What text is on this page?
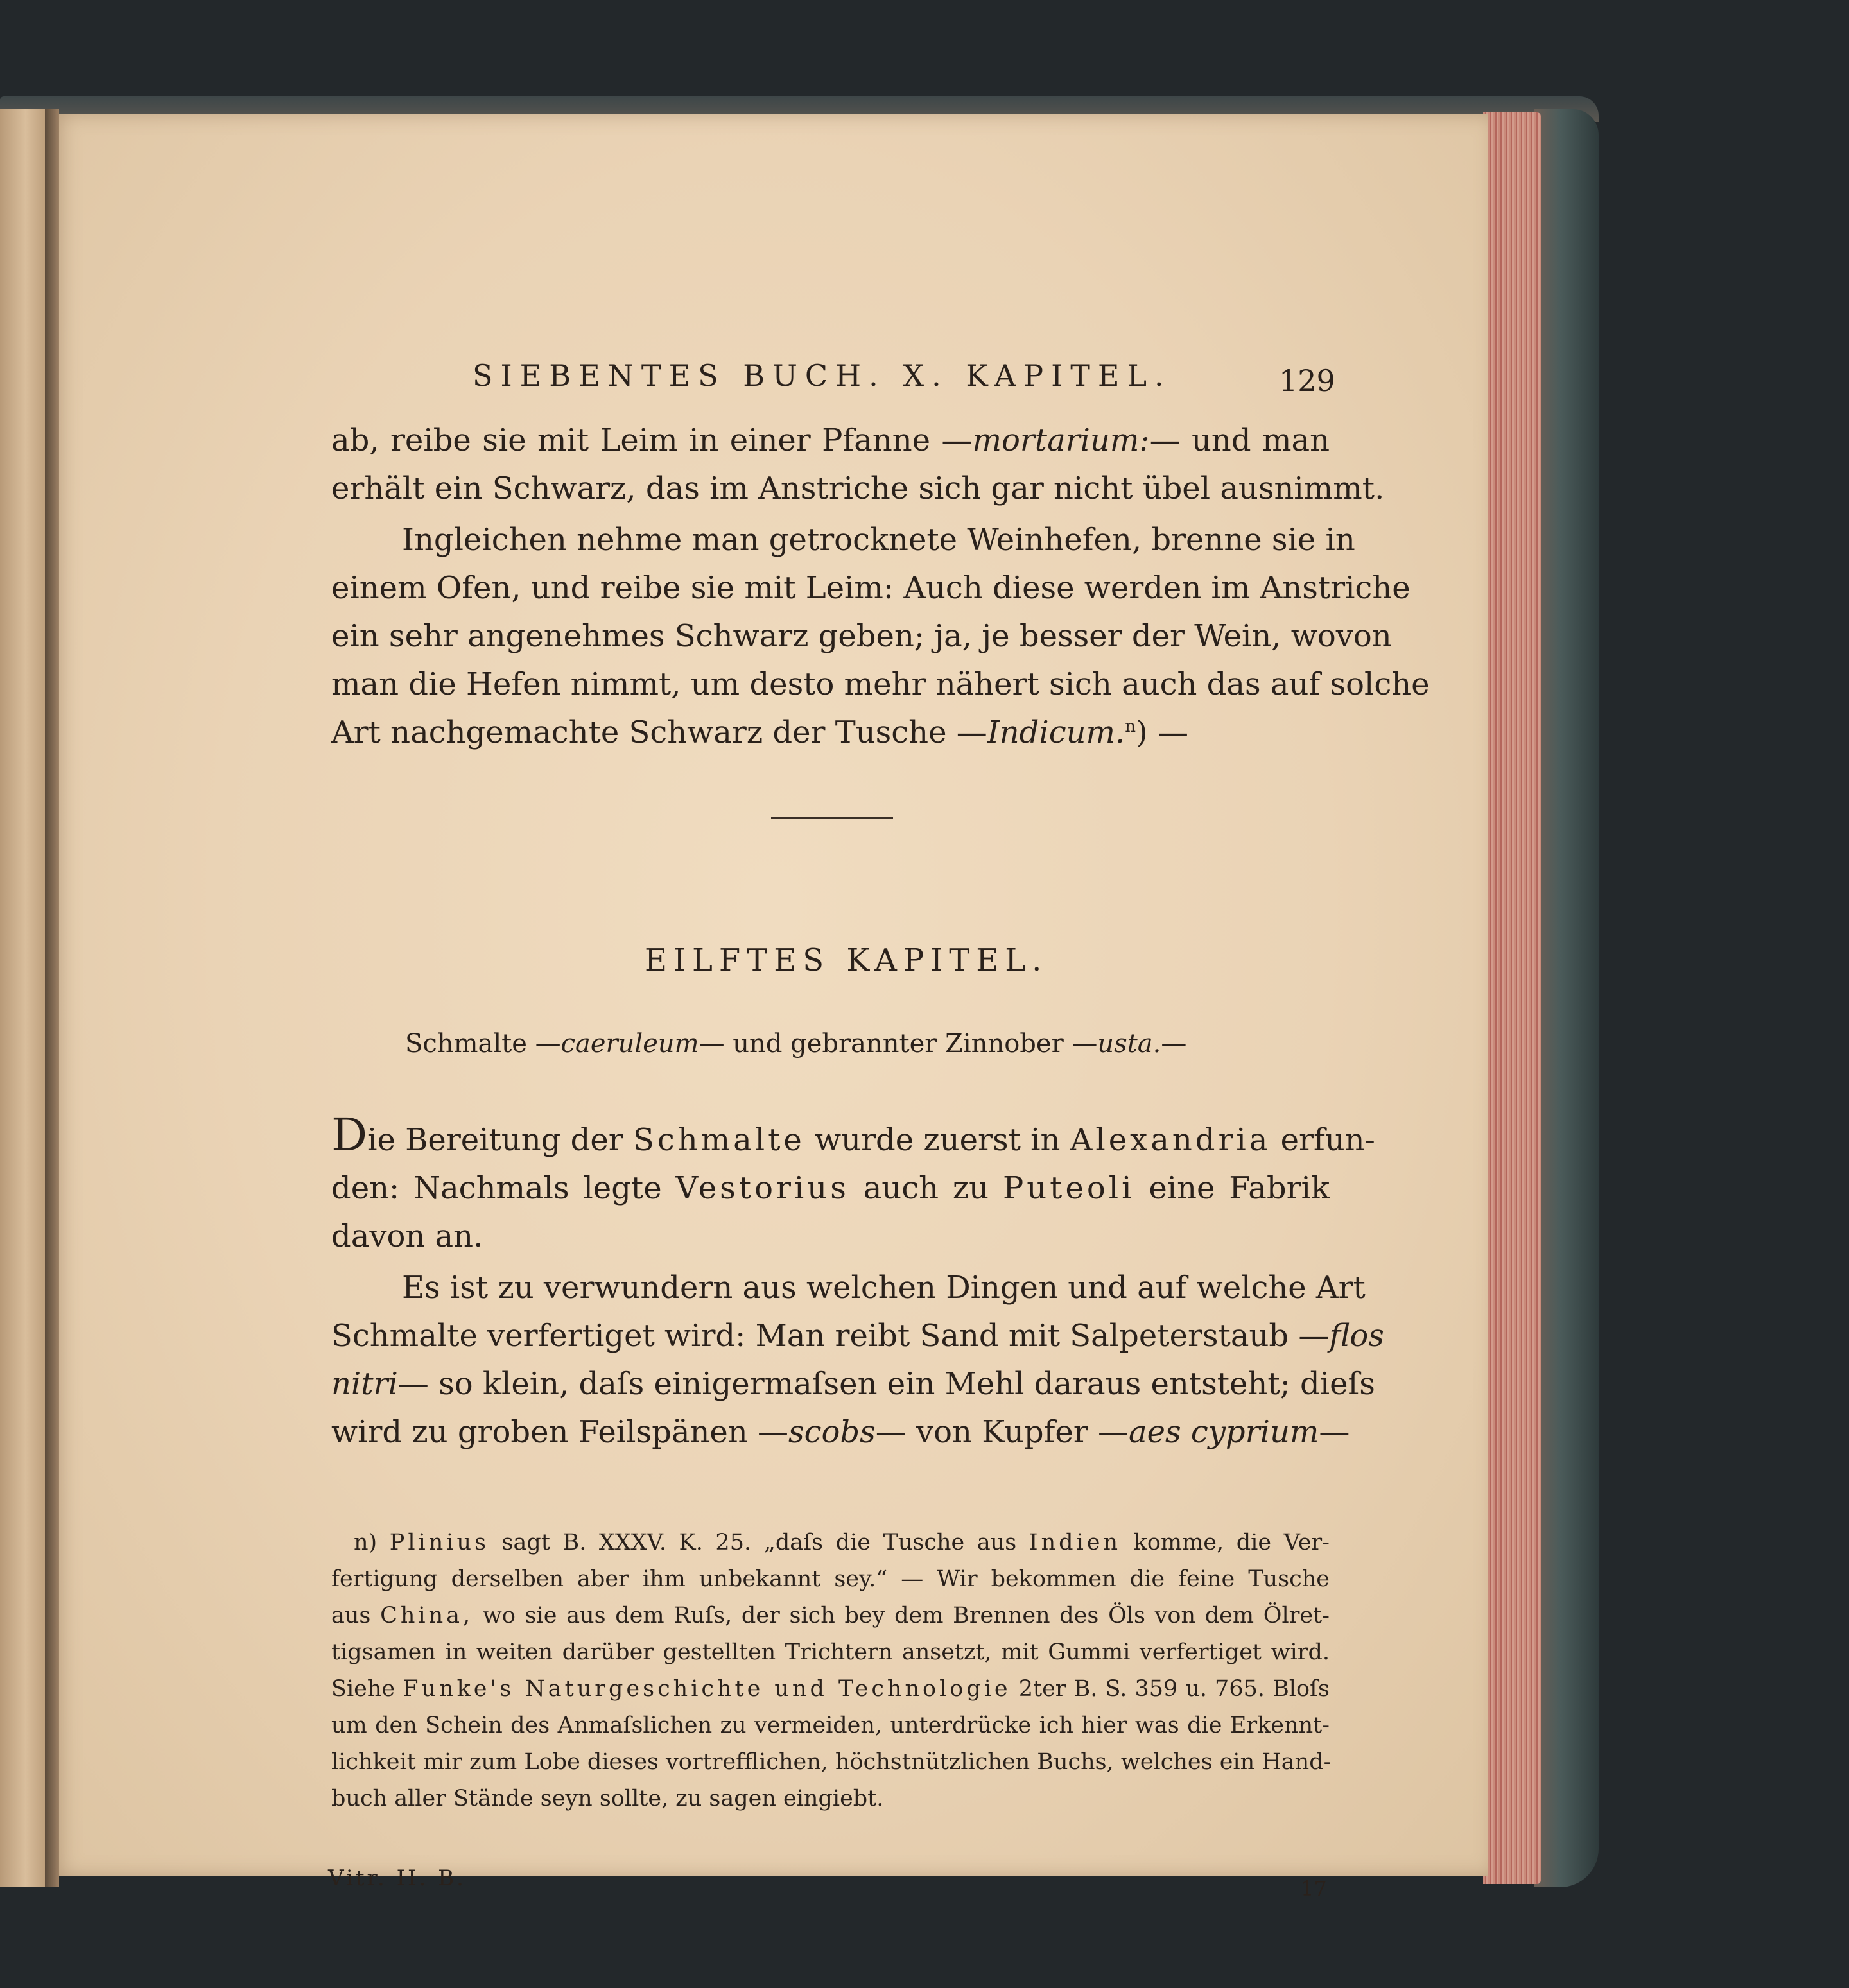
SIEBENTES BUCH. X. KAPITEL.	129
ab, reibe sie mit Leim in einer Pfanne —mortarium:— und man
erhält ein Schwarz, das im Anstriche sich gar nicht übel ausnimmt.
Ingleichen nehme man getrocknete Weinhefen, brenne sie in
einem Ofen, und reibe sie mit Leim: Auch diese werden im Anstriche
ein sehr angenehmes Schwarz geben; ja, je besser der Wein, wovon
man die Hefen nimmt, um desto mehr nähert sich auch das auf solche
Art nachgemachte Schwarz der Tusche —Indicum.$^n$) —
EILFTES KAPITEL.
Schmalte —caeruleum— und gebrannter Zinnober —usta.—
Die Bereitung der Schmalte wurde zuerst in Alexandria erfun-
den: Nachmals legte Vestorius auch zu Puteoli eine Fabrik
davon an.
Es ist zu verwundern aus welchen Dingen und auf welche Art
Schmalte verfertiget wird: Man reibt Sand mit Salpeterstaub —flos
nitri— so klein, daſs einigermaſsen ein Mehl daraus entsteht; dieſs
wird zu groben Feilspänen —scobs— von Kupfer —aes cyprium—
n) Plinius sagt B. XXXV. K. 25. „daſs die Tusche aus Indien komme, die Ver-
fertigung derselben aber ihm unbekannt sey.“ — Wir bekommen die feine Tusche
aus China, wo sie aus dem Ruſs, der sich bey dem Brennen des Öls von dem Ölret-
tigsamen in weiten darüber gestellten Trichtern ansetzt, mit Gummi verfertiget wird.
Siehe Funke's Naturgeschichte und Technologie 2ter B. S. 359 u. 765. Bloſs
um den Schein des Anmaſslichen zu vermeiden, unterdrücke ich hier was die Erkennt-
lichkeit mir zum Lobe dieses vortrefflichen, höchstnützlichen Buchs, welches ein Hand-
buch aller Stände seyn sollte, zu sagen eingiebt.
Vitr. II. B.	17
